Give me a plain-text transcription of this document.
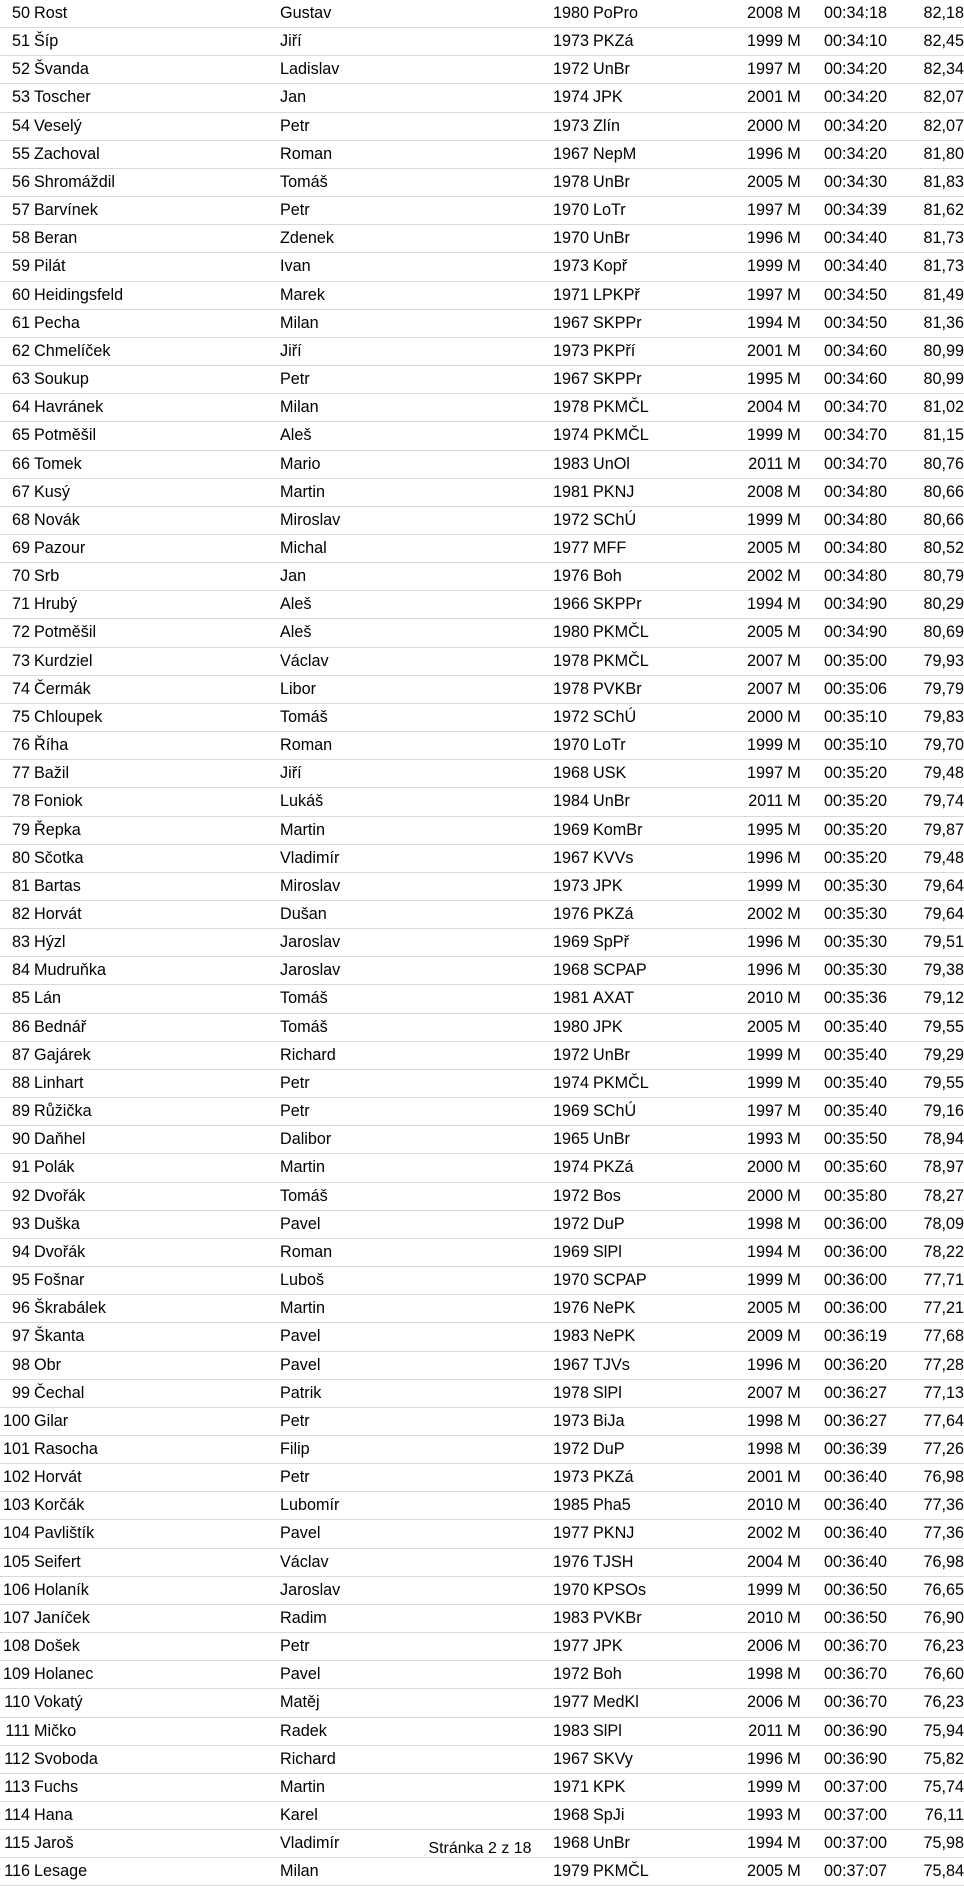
50	Rost	Gustav	1980	PoPro	2008	M	00:34:18	82,18
51	Šíp	Jiří	1973	PKZá	1999	M	00:34:10	82,45
52	Švanda	Ladislav	1972	UnBr	1997	M	00:34:20	82,34
53	Toscher	Jan	1974	JPK	2001	M	00:34:20	82,07
54	Veselý	Petr	1973	Zlín	2000	M	00:34:20	82,07
55	Zachoval	Roman	1967	NepM	1996	M	00:34:20	81,80
56	Shromáždil	Tomáš	1978	UnBr	2005	M	00:34:30	81,83
57	Barvínek	Petr	1970	LoTr	1997	M	00:34:39	81,62
58	Beran	Zdenek	1970	UnBr	1996	M	00:34:40	81,73
59	Pilát	Ivan	1973	Kopř	1999	M	00:34:40	81,73
60	Heidingsfeld	Marek	1971	LPKPř	1997	M	00:34:50	81,49
61	Pecha	Milan	1967	SKPPr	1994	M	00:34:50	81,36
62	Chmelíček	Jiří	1973	PKPří	2001	M	00:34:60	80,99
63	Soukup	Petr	1967	SKPPr	1995	M	00:34:60	80,99
64	Havránek	Milan	1978	PKMČL	2004	M	00:34:70	81,02
65	Potměšil	Aleš	1974	PKMČL	1999	M	00:34:70	81,15
66	Tomek	Mario	1983	UnOl	2011	M	00:34:70	80,76
67	Kusý	Martin	1981	PKNJ	2008	M	00:34:80	80,66
68	Novák	Miroslav	1972	SChÚ	1999	M	00:34:80	80,66
69	Pazour	Michal	1977	MFF	2005	M	00:34:80	80,52
70	Srb	Jan	1976	Boh	2002	M	00:34:80	80,79
71	Hrubý	Aleš	1966	SKPPr	1994	M	00:34:90	80,29
72	Potměšil	Aleš	1980	PKMČL	2005	M	00:34:90	80,69
73	Kurdziel	Václav	1978	PKMČL	2007	M	00:35:00	79,93
74	Čermák	Libor	1978	PVKBr	2007	M	00:35:06	79,79
75	Chloupek	Tomáš	1972	SChÚ	2000	M	00:35:10	79,83
76	Říha	Roman	1970	LoTr	1999	M	00:35:10	79,70
77	Bažil	Jiří	1968	USK	1997	M	00:35:20	79,48
78	Foniok	Lukáš	1984	UnBr	2011	M	00:35:20	79,74
79	Řepka	Martin	1969	KomBr	1995	M	00:35:20	79,87
80	Sčotka	Vladimír	1967	KVVs	1996	M	00:35:20	79,48
81	Bartas	Miroslav	1973	JPK	1999	M	00:35:30	79,64
82	Horvát	Dušan	1976	PKZá	2002	M	00:35:30	79,64
83	Hýzl	Jaroslav	1969	SpPř	1996	M	00:35:30	79,51
84	Mudruňka	Jaroslav	1968	SCPAP	1996	M	00:35:30	79,38
85	Lán	Tomáš	1981	AXAT	2010	M	00:35:36	79,12
86	Bednář	Tomáš	1980	JPK	2005	M	00:35:40	79,55
87	Gajárek	Richard	1972	UnBr	1999	M	00:35:40	79,29
88	Linhart	Petr	1974	PKMČL	1999	M	00:35:40	79,55
89	Růžička	Petr	1969	SChÚ	1997	M	00:35:40	79,16
90	Daňhel	Dalibor	1965	UnBr	1993	M	00:35:50	78,94
91	Polák	Martin	1974	PKZá	2000	M	00:35:60	78,97
92	Dvořák	Tomáš	1972	Bos	2000	M	00:35:80	78,27
93	Duška	Pavel	1972	DuP	1998	M	00:36:00	78,09
94	Dvořák	Roman	1969	SlPl	1994	M	00:36:00	78,22
95	Fošnar	Luboš	1970	SCPAP	1999	M	00:36:00	77,71
96	Škrabálek	Martin	1976	NePK	2005	M	00:36:00	77,21
97	Škanta	Pavel	1983	NePK	2009	M	00:36:19	77,68
98	Obr	Pavel	1967	TJVs	1996	M	00:36:20	77,28
99	Čechal	Patrik	1978	SlPl	2007	M	00:36:27	77,13
100	Gilar	Petr	1973	BiJa	1998	M	00:36:27	77,64
101	Rasocha	Filip	1972	DuP	1998	M	00:36:39	77,26
102	Horvát	Petr	1973	PKZá	2001	M	00:36:40	76,98
103	Korčák	Lubomír	1985	Pha5	2010	M	00:36:40	77,36
104	Pavlištík	Pavel	1977	PKNJ	2002	M	00:36:40	77,36
105	Seifert	Václav	1976	TJSH	2004	M	00:36:40	76,98
106	Holaník	Jaroslav	1970	KPSOs	1999	M	00:36:50	76,65
107	Janíček	Radim	1983	PVKBr	2010	M	00:36:50	76,90
108	Došek	Petr	1977	JPK	2006	M	00:36:70	76,23
109	Holanec	Pavel	1972	Boh	1998	M	00:36:70	76,60
110	Vokatý	Matěj	1977	MedKl	2006	M	00:36:70	76,23
111	Mičko	Radek	1983	SlPl	2011	M	00:36:90	75,94
112	Svoboda	Richard	1967	SKVy	1996	M	00:36:90	75,82
113	Fuchs	Martin	1971	KPK	1999	M	00:37:00	75,74
114	Hana	Karel	1968	SpJi	1993	M	00:37:00	76,11
115	Jaroš	Vladimír	1968	UnBr	1994	M	00:37:00	75,98
116	Lesage	Milan	1979	PKMČL	2005	M	00:37:07	75,84
Stránka 2 z 18
